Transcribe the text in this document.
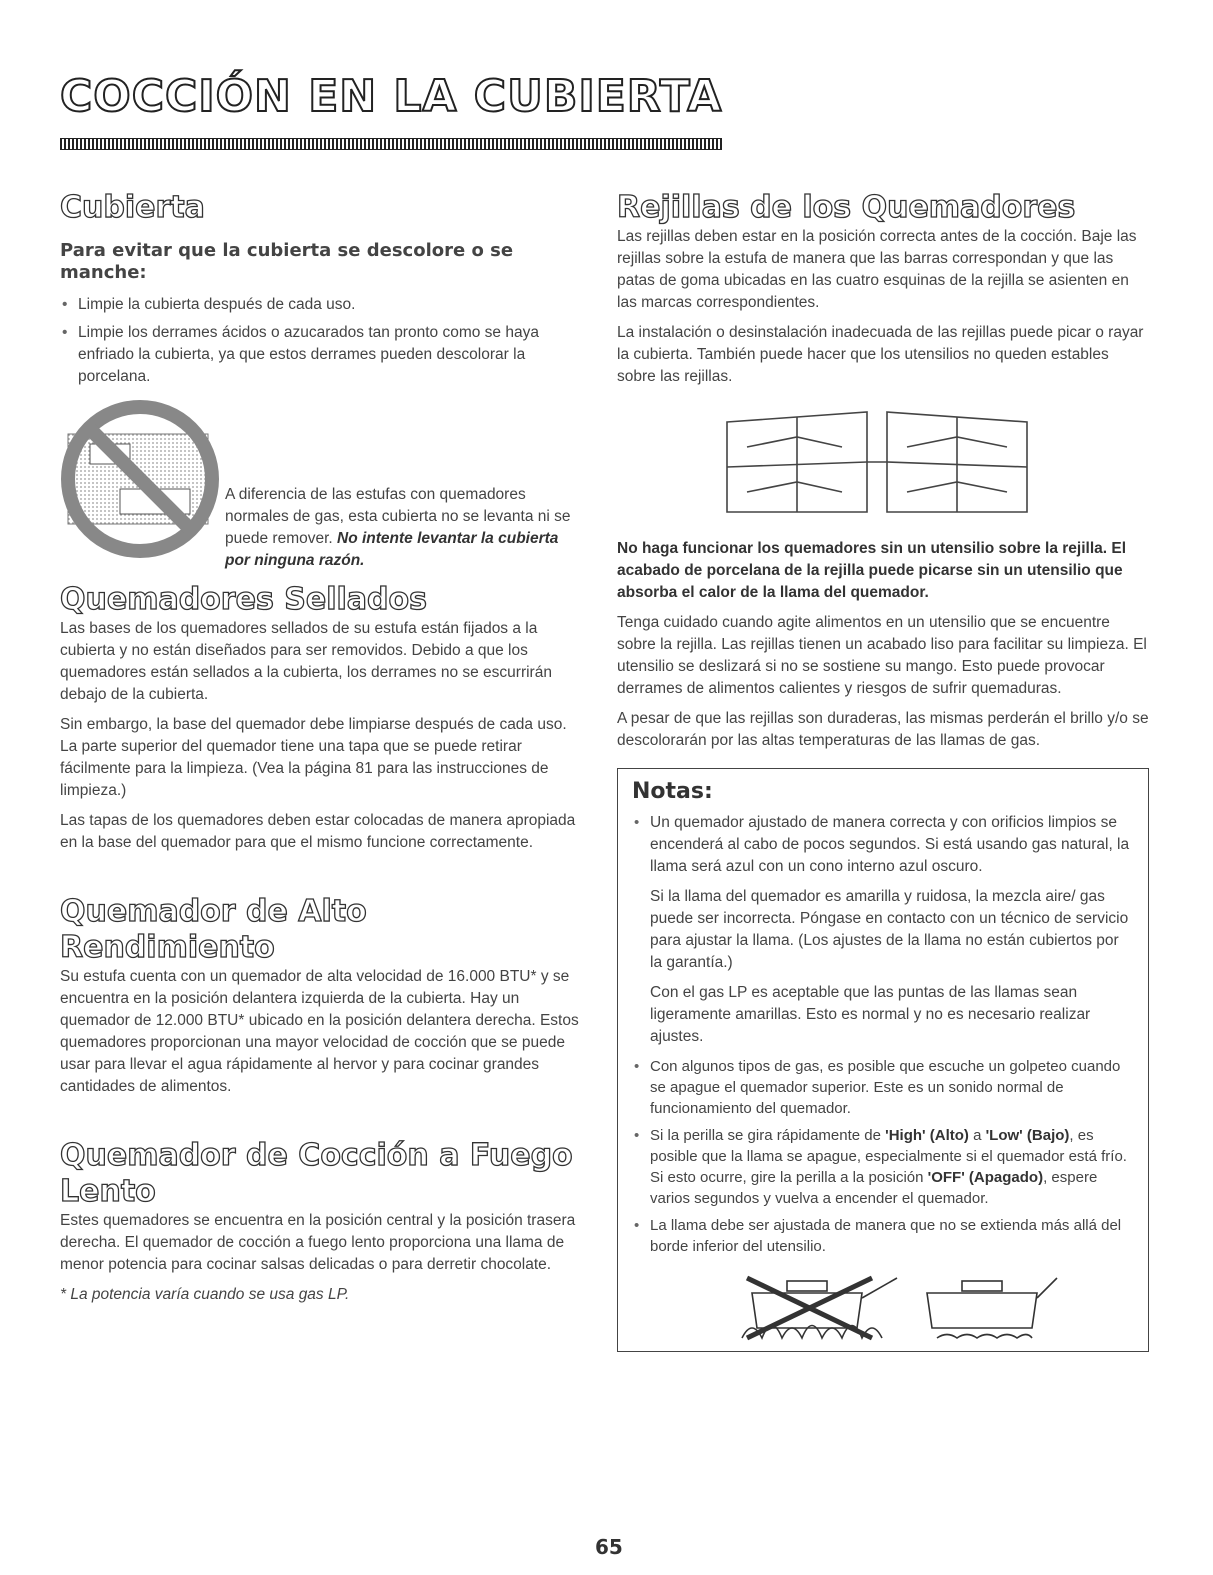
COCCIÓN EN LA CUBIERTA
Cubierta
Para evitar que la cubierta se descolore o se manche:
• Limpie la cubierta después de cada uso.
• Limpie los derrames ácidos o azucarados tan pronto como se haya enfriado la cubierta, ya que estos derrames pueden descolorar la porcelana.

A diferencia de las estufas con quemadores normales de gas, esta cubierta no se levanta ni se puede remover. No intente levantar la cubierta por ninguna razón.

Quemadores Sellados

Las bases de los quemadores sellados de su estufa están fijados a la cubierta y no están diseñados para ser removidos. Debido a que los quemadores están sellados a la cubierta, los derrames no se escurrirán debajo de la cubierta.

Sin embargo, la base del quemador debe limpiarse después de cada uso. La parte superior del quemador tiene una tapa que se puede retirar fácilmente para la limpieza. (Vea la página 81 para las instrucciones de limpieza.)

Las tapas de los quemadores deben estar colocadas de manera apropiada en la base del quemador para que el mismo funcione correctamente.

Quemador de Alto Rendimiento

Su estufa cuenta con un quemador de alta velocidad de 16.000 BTU* y se encuentra en la posición delantera izquierda de la cubierta. Hay un quemador de 12.000 BTU* ubicado en la posición delantera derecha. Estos quemadores proporcionan una mayor velocidad de cocción que se puede usar para llevar el agua rápidamente al hervor y para cocinar grandes cantidades de alimentos.

Quemador de Cocción a Fuego Lento

Estes quemadores se encuentra en la posición central y la posición trasera derecha. El quemador de cocción a fuego lento proporciona una llama de menor potencia para cocinar salsas delicadas o para derretir chocolate.

* La potencia varía cuando se usa gas LP.

Rejillas de los Quemadores

Las rejillas deben estar en la posición correcta antes de la cocción. Baje las rejillas sobre la estufa de manera que las barras correspondan y que las patas de goma ubicadas en las cuatro esquinas de la rejilla se asienten en las marcas correspondientes.

La instalación o desinstalación inadecuada de las rejillas puede picar o rayar la cubierta. También puede hacer que los utensilios no queden estables sobre las rejillas.

No haga funcionar los quemadores sin un utensilio sobre la rejilla. El acabado de porcelana de la rejilla puede picarse sin un utensilio que absorba el calor de la llama del quemador.

Tenga cuidado cuando agite alimentos en un utensilio que se encuentre sobre la rejilla. Las rejillas tienen un acabado liso para facilitar su limpieza. El utensilio se deslizará si no se sostiene su mango. Esto puede provocar derrames de alimentos calientes y riesgos de sufrir quemaduras.

A pesar de que las rejillas son duraderas, las mismas perderán el brillo y/o se descolorarán por las altas temperaturas de las llamas de gas.

Notas:

• Un quemador ajustado de manera correcta y con orificios limpios se encenderá al cabo de pocos segundos. Si está usando gas natural, la llama será azul con un cono interno azul oscuro.

Si la llama del quemador es amarilla y ruidosa, la mezcla aire/ gas puede ser incorrecta. Póngase en contacto con un técnico de servicio para ajustar la llama. (Los ajustes de la llama no están cubiertos por la garantía.)

Con el gas LP es aceptable que las puntas de las llamas sean ligeramente amarillas. Esto es normal y no es necesario realizar ajustes.

• Con algunos tipos de gas, es posible que escuche un golpeteo cuando se apague el quemador superior. Este es un sonido normal de funcionamiento del quemador.
• Si la perilla se gira rápidamente de 'High' (Alto) a 'Low' (Bajo), es posible que la llama se apague, especialmente si el quemador está frío. Si esto ocurre, gire la perilla a la posición 'OFF' (Apagado), espere varios segundos y vuelva a encender el quemador.
• La llama debe ser ajustada de manera que no se extienda más allá del borde inferior del utensilio.
65
